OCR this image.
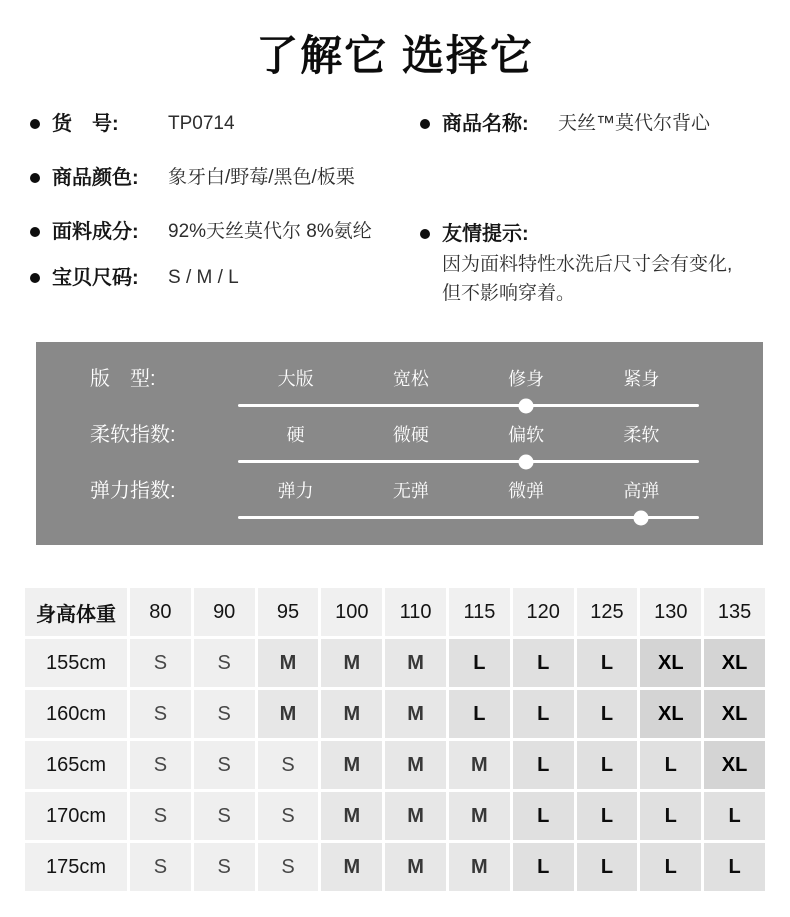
了解它 选择它
货　号:	TP0714
商品颜色:	象牙白/野莓/黑色/板栗
面料成分:	92%天丝莫代尔 8%氨纶
宝贝尺码:	S / M / L
商品名称:	天丝™莫代尔背心
友情提示:
因为面料特性水洗后尺寸会有变化,
但不影响穿着。
版　型:	大版	宽松	修身	紧身
柔软指数:	硬	微硬	偏软	柔软
弹力指数:	弹力	无弹	微弹	高弹
身高体重	80	90	95	100	110	115	120	125	130	135
155cm	S	S	M	M	M	L	L	L	XL	XL
160cm	S	S	M	M	M	L	L	L	XL	XL
165cm	S	S	S	M	M	M	L	L	L	XL
170cm	S	S	S	M	M	M	L	L	L	L
175cm	S	S	S	M	M	M	L	L	L	L
